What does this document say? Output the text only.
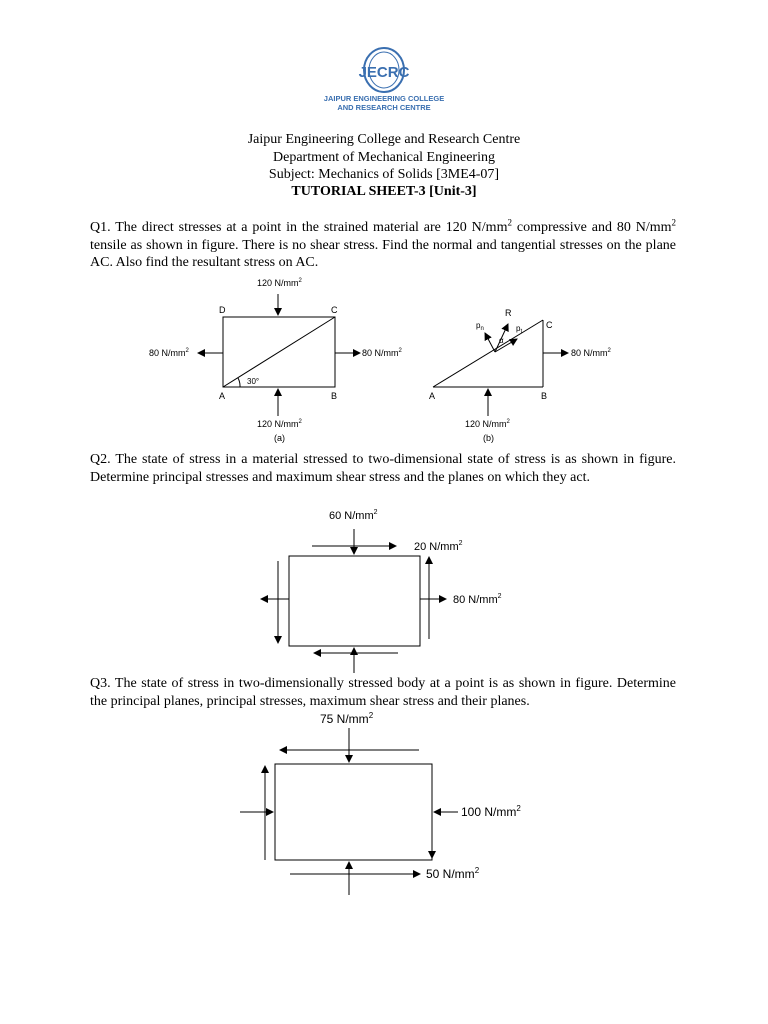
JECRC
JAIPUR ENGINEERING COLLEGE
AND RESEARCH CENTRE
Jaipur Engineering College and Research Centre
Department of Mechanical Engineering
Subject: Mechanics of Solids [3ME4-07]
TUTORIAL SHEET-3 [Unit-3]
Q1. The direct stresses at a point in the strained material are 120 $N/mm^2$ compressive and 80 $N/mm^2$ tensile as shown in figure. There is no shear stress. Find the normal and tangential stresses on the plane AC. Also find the resultant stress on AC.
120 $N/mm^2$
120 $N/mm^2$
80 $N/mm^2$	80 $N/mm^2$
30°
A	B
C
D
(a)
R
$p_n$	$p_t$
α
A	B
C
80 $N/mm^2$
120 $N/mm^2$
(b)
Q2. The state of stress in a material stressed to two-dimensional state of stress is as shown in figure. Determine principal stresses and maximum shear stress and the planes on which they act.
60 $N/mm^2$
20 $N/mm^2$
80 $N/mm^2$
Q3. The state of stress in two-dimensionally stressed body at a point is as shown in figure. Determine the principal planes, principal stresses, maximum shear stress and their planes.
75 $N/mm^2$
100 $N/mm^2$
50 $N/mm^2$
